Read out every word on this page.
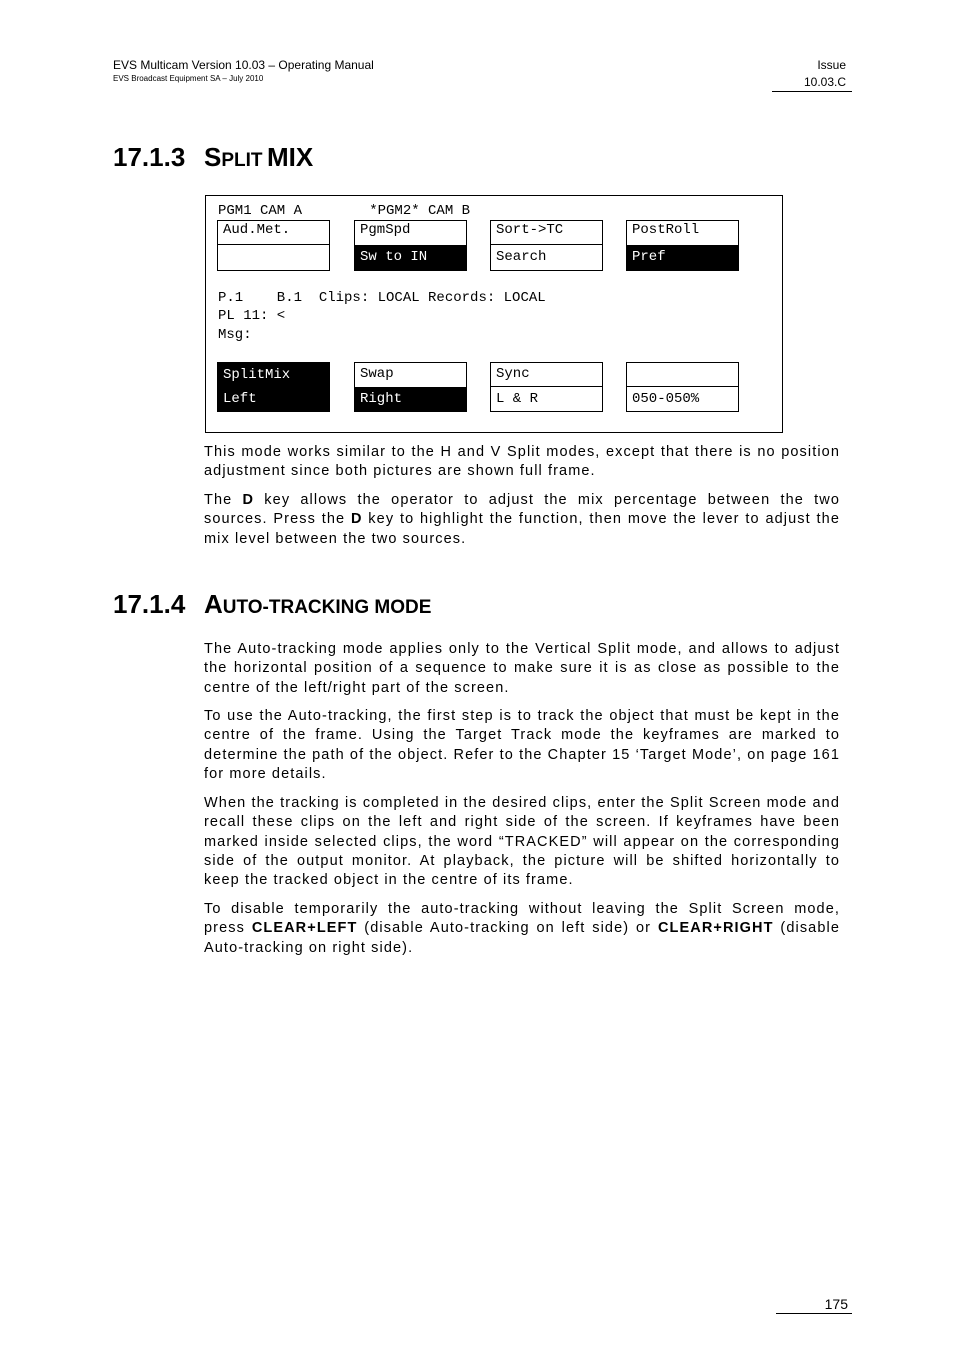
EVS Multicam Version 10.03 – Operating Manual
EVS Broadcast Equipment SA – July 2010
Issue
10.03.C
17.1.3 SPLIT MIX
PGM1 CAM A        *PGM2* CAM B
Aud.Met.	PgmSpd
Sw to IN
Sort->TC
Search
PostRoll
Pref
P.1    B.1  Clips: LOCAL Records: LOCAL
PL 11: <
Msg:
SplitMix
Left
Swap
Right
Sync
L & R	050-050%
This mode works similar to the H and V Split modes, except that there is no position adjustment since both pictures are shown full frame.
The D key allows the operator to adjust the mix percentage between the two sources. Press the D key to highlight the function, then move the lever to adjust the mix level between the two sources.
17.1.4 AUTO-TRACKING MODE
The Auto-tracking mode applies only to the Vertical Split mode, and allows to adjust the horizontal position of a sequence to make sure it is as close as possible to the centre of the left/right part of the screen.
To use the Auto-tracking, the first step is to track the object that must be kept in the centre of the frame. Using the Target Track mode the keyframes are marked to determine the path of the object. Refer to the Chapter 15 ‘Target Mode’, on page 161 for more details.
When the tracking is completed in the desired clips, enter the Split Screen mode and recall these clips on the left and right side of the screen. If keyframes have been marked inside selected clips, the word “TRACKED” will appear on the corresponding side of the output monitor. At playback, the picture will be shifted horizontally to keep the tracked object in the centre of its frame.
To disable temporarily the auto-tracking without leaving the Split Screen mode, press CLEAR+LEFT (disable Auto-tracking on left side) or CLEAR+RIGHT (disable Auto-tracking on right side).
175
